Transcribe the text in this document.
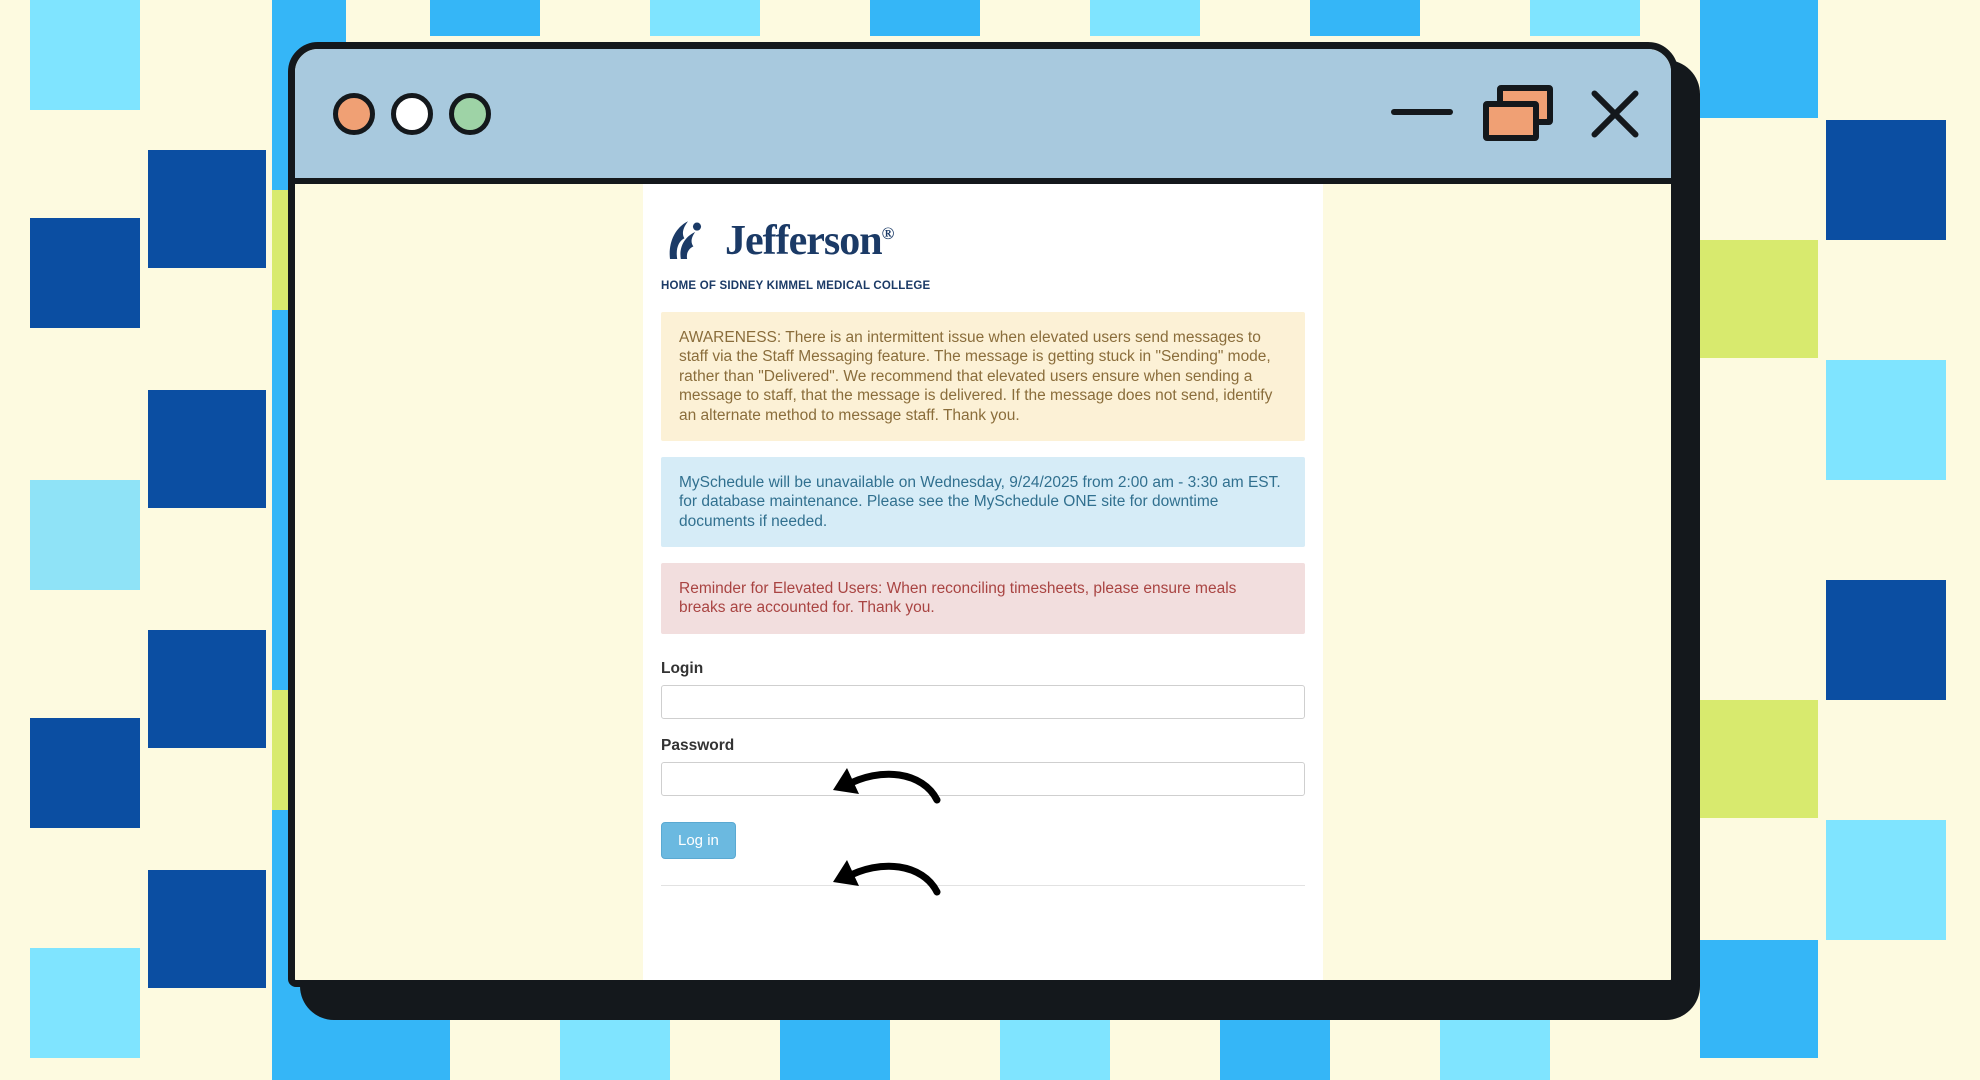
Jefferson®
HOME OF SIDNEY KIMMEL MEDICAL COLLEGE
AWARENESS: There is an intermittent issue when elevated users send messages to staff via the Staff Messaging feature. The message is getting stuck in "Sending" mode, rather than "Delivered". We recommend that elevated users ensure when sending a message to staff, that the message is delivered. If the message does not send, identify an alternate method to message staff. Thank you.
MySchedule will be unavailable on Wednesday, 9/24/2025 from 2:00 am - 3:30 am EST. for database maintenance. Please see the MySchedule ONE site for downtime documents if needed.
Reminder for Elevated Users: When reconciling timesheets, please ensure meals breaks are accounted for. Thank you.
Login
Password
Log in
